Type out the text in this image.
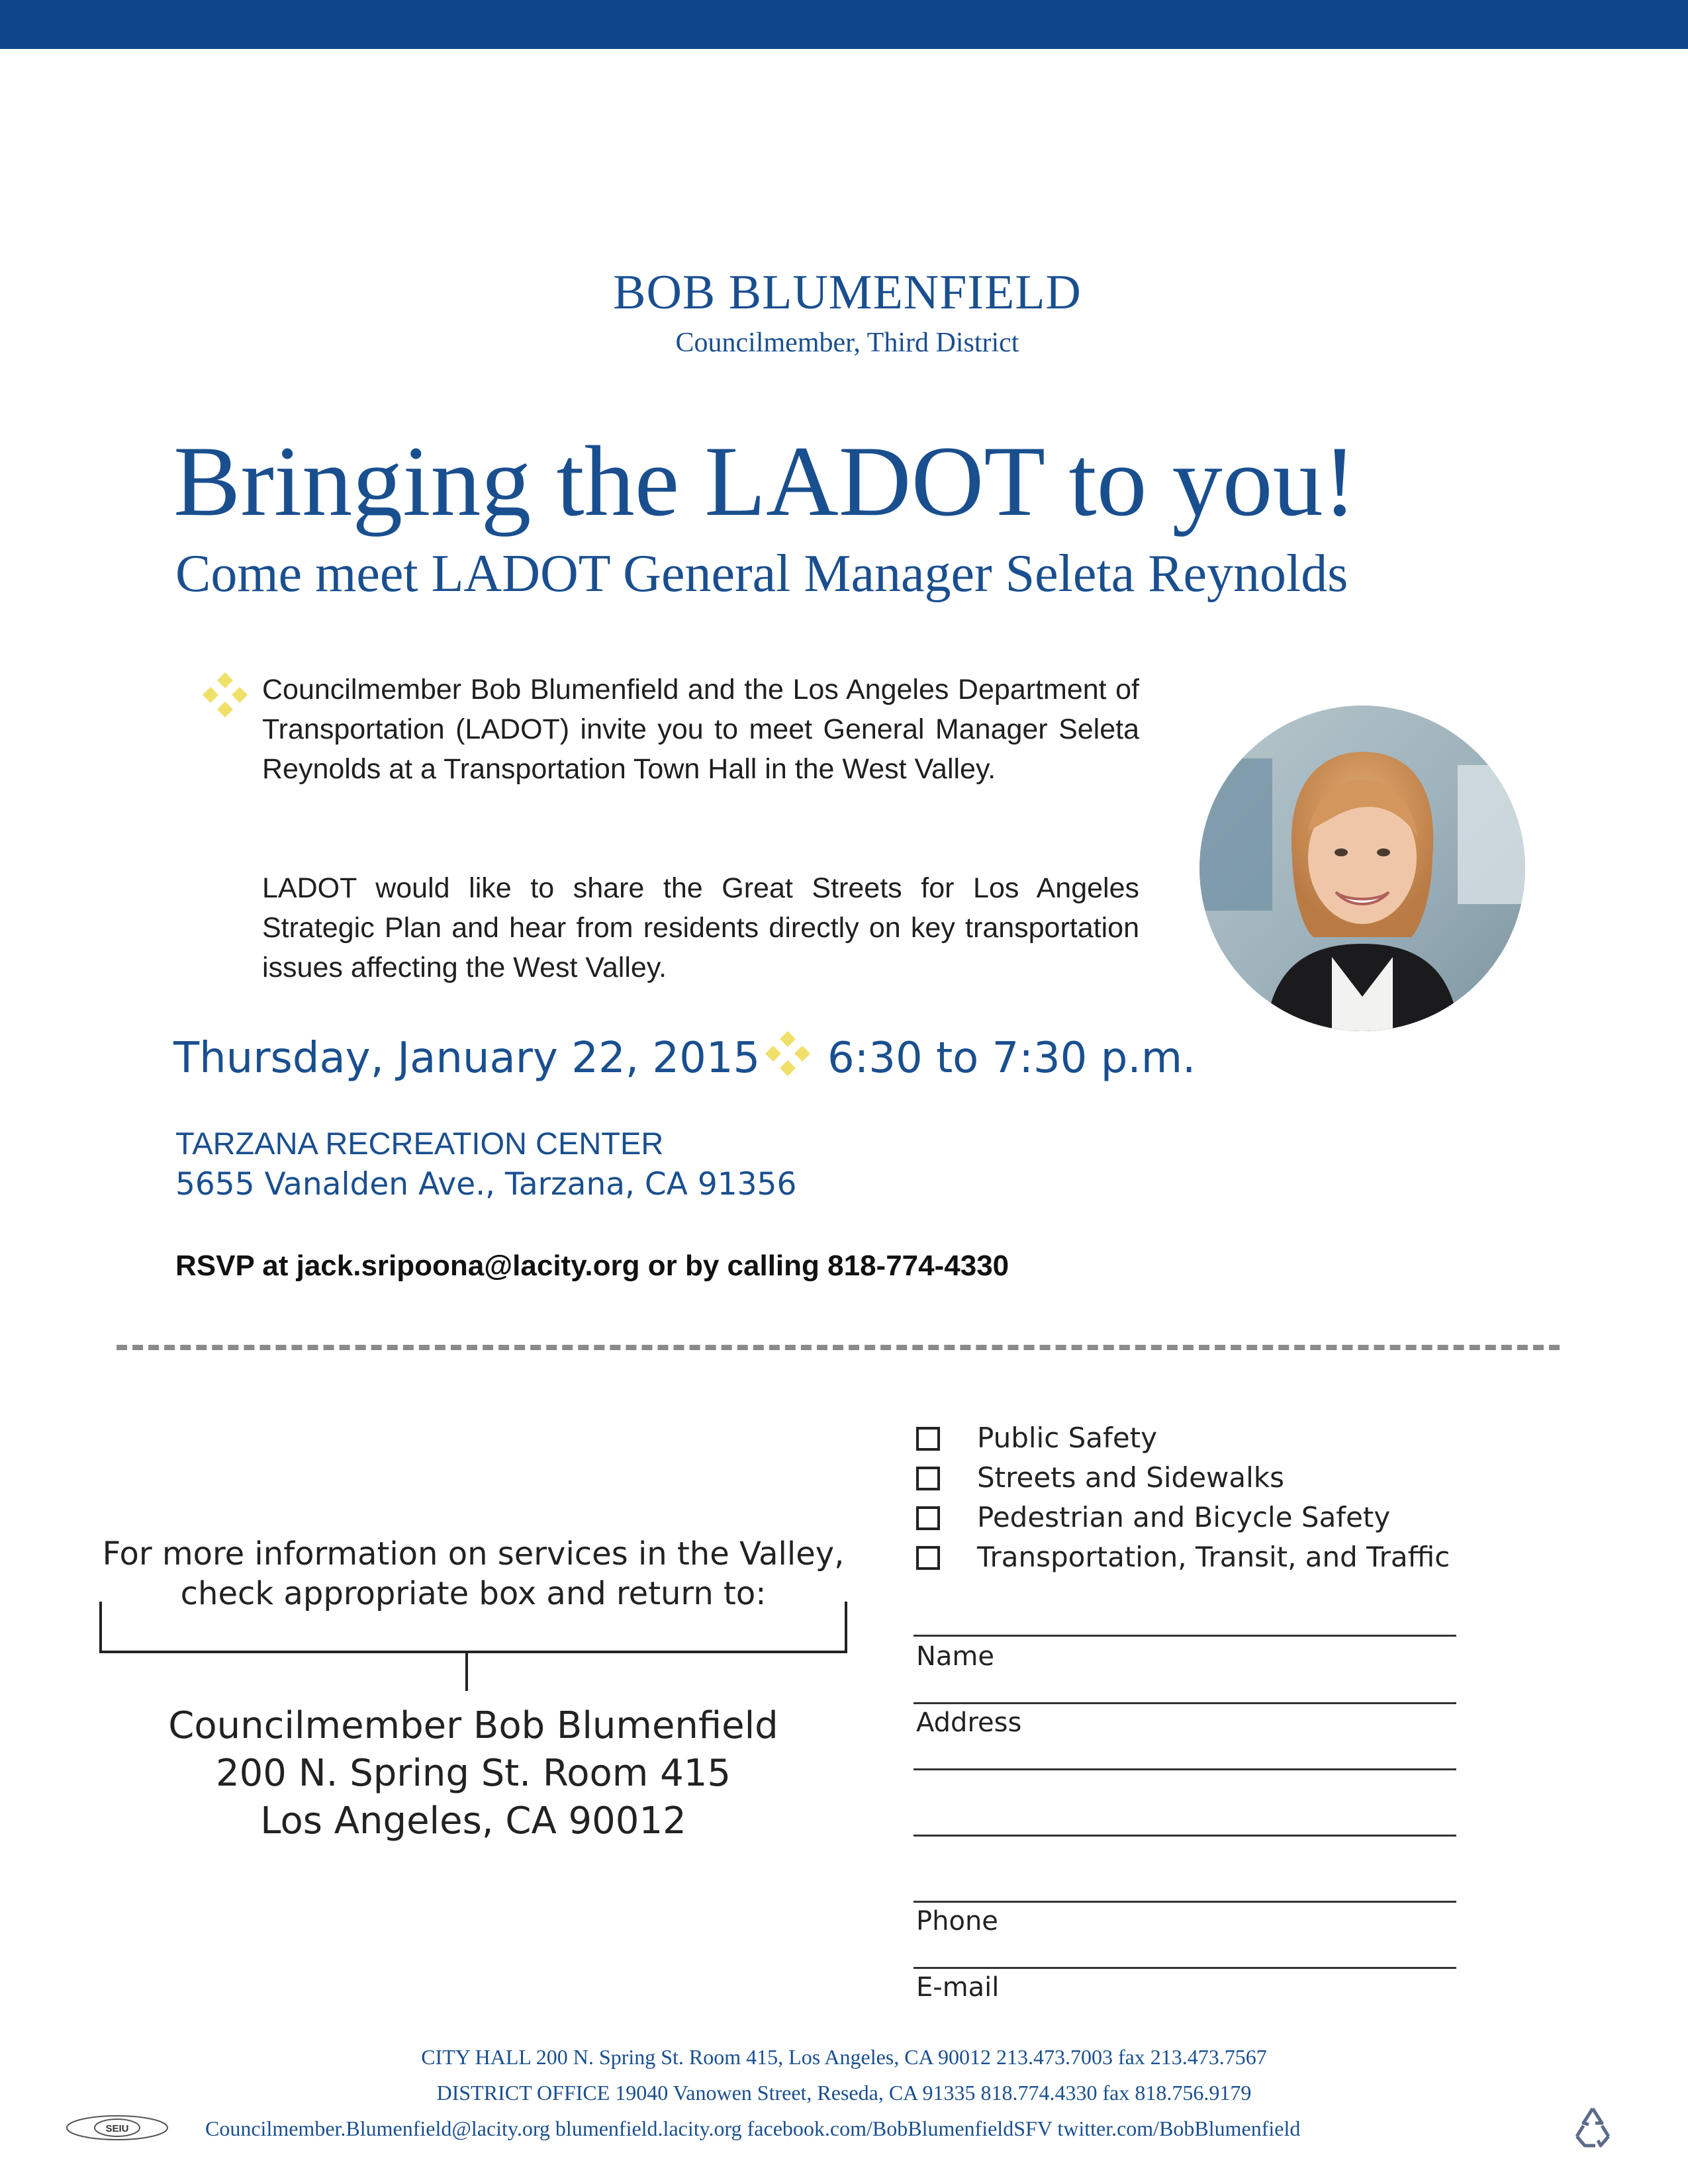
BOB BLUMENFIELD
Councilmember, Third District
Bringing the LADOT to you!
Come meet LADOT General Manager Seleta Reynolds
Councilmember Bob Blumenfield and the Los Angeles Department of Transportation (LADOT) invite you to meet General Manager Seleta Reynolds at a Transportation Town Hall in the West Valley.
LADOT would like to share the Great Streets for Los Angeles Strategic Plan and hear from residents directly on key transportation issues affecting the West Valley.
Thursday, January 22, 2015 6:30 to 7:30 p.m.
TARZANA RECREATION CENTER
5655 Vanalden Ave., Tarzana, CA 91356
RSVP at jack.sripoona@lacity.org or by calling 818-774-4330
Public Safety
Streets and Sidewalks
Pedestrian and Bicycle Safety
Transportation, Transit, and Traffic
For more information on services in the Valley,
check appropriate box and return to:
Councilmember Bob Blumenfield
200 N. Spring St. Room 415
Los Angeles, CA 90012
Name
Address
Phone
E-mail
CITY HALL 200 N. Spring St. Room 415, Los Angeles, CA 90012 213.473.7003 fax 213.473.7567
DISTRICT OFFICE 19040 Vanowen Street, Reseda, CA 91335 818.774.4330 fax 818.756.9179
Councilmember.Blumenfield@lacity.org blumenfield.lacity.org facebook.com/BobBlumenfieldSFV twitter.com/BobBlumenfield
SEIU
